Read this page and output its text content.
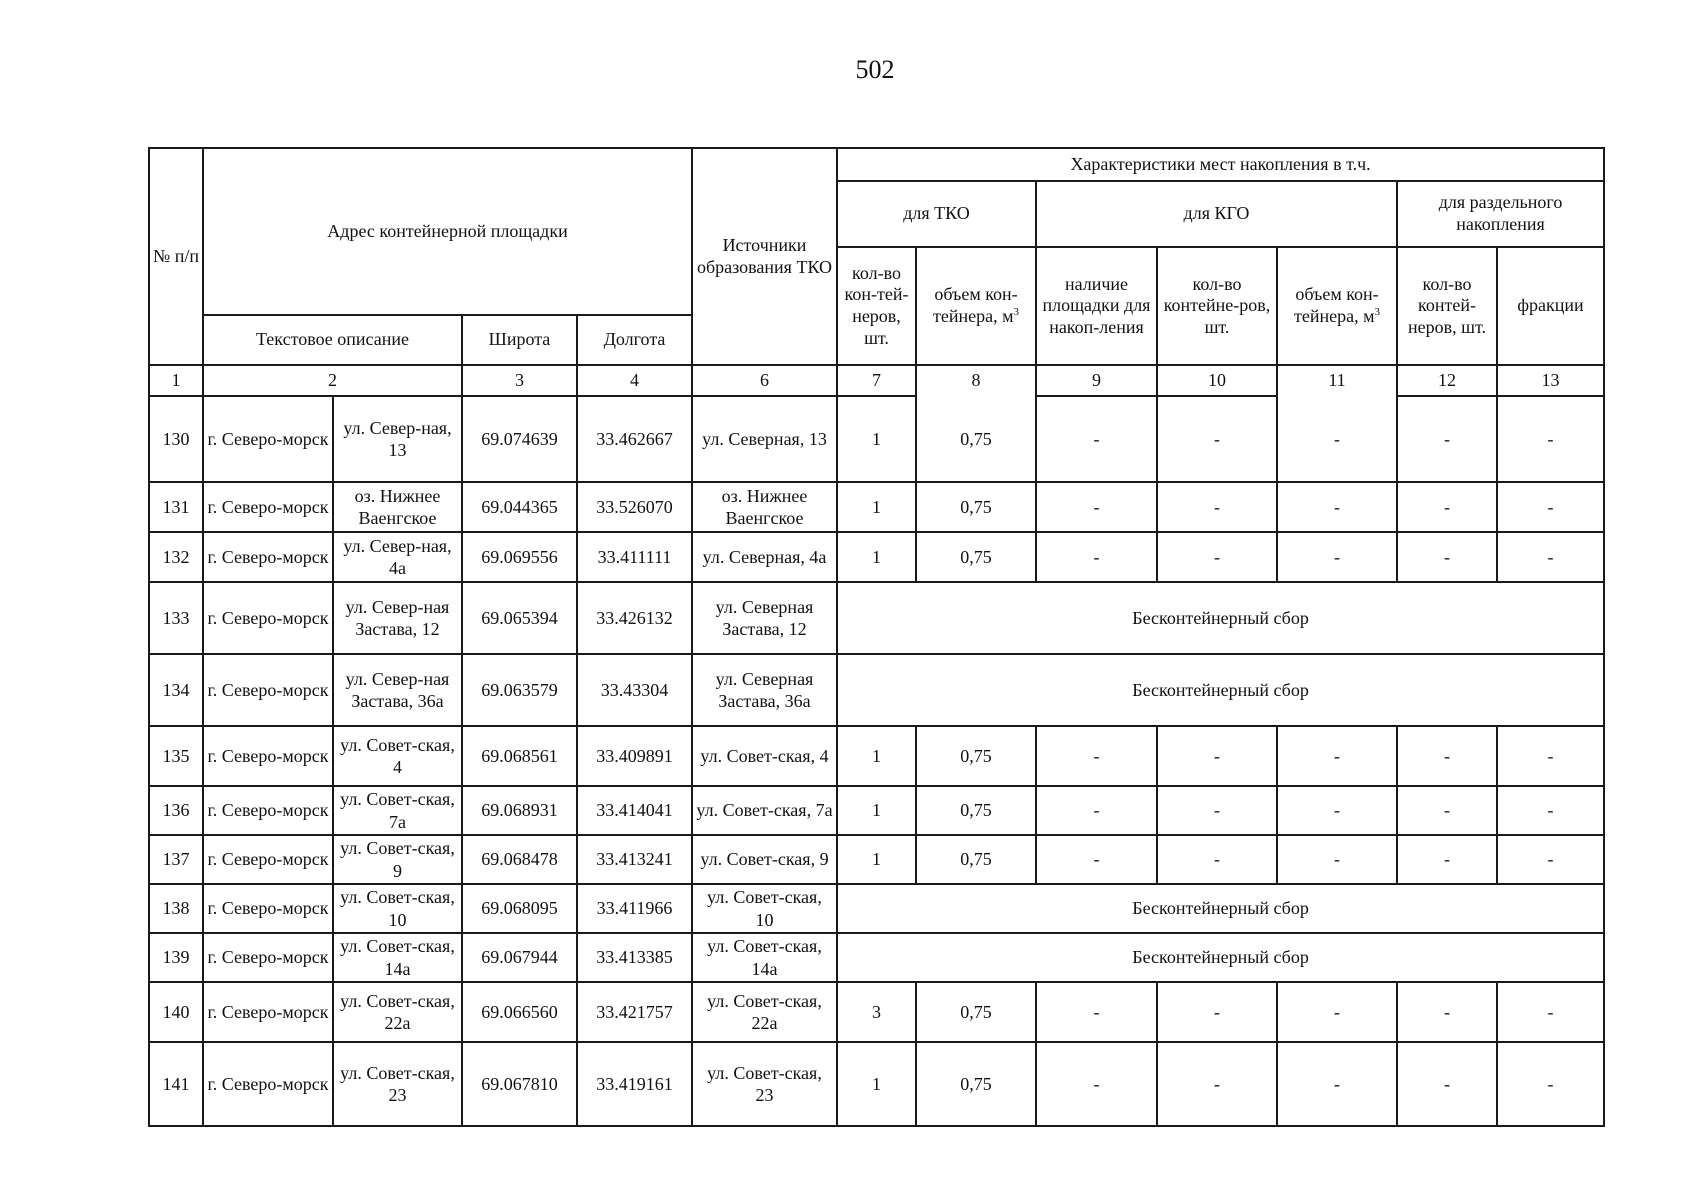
502
№ п/п	Адрес контейнерной площадки				Источники образования ТКО	Характеристики мест накопления в т.ч.						
						для ТКО		для КГО			для раздельного накопления	
						кол-во кон-тей-неров, шт.	объем кон-тейнера, $м^3$	наличие площадки для накоп-ления	кол-во контейне-ров, шт.	объем кон-тейнера, $м^3$	кол-во контей-неров, шт.	фракции
	Текстовое описание		Широта	Долгота								
1	2		3	4	6	7	8	9	10	11	12	13
130	г. Северо-морск	ул. Север-ная, 13	69.074639	33.462667	ул. Северная, 13	1	0,75	-	-	-	-	-
131	г. Северо-морск	оз. Нижнее Ваенгское	69.044365	33.526070	оз. Нижнее Ваенгское	1	0,75	-	-	-	-	-
132	г. Северо-морск	ул. Север-ная, 4а	69.069556	33.411111	ул. Северная, 4а	1	0,75	-	-	-	-	-
133	г. Северо-морск	ул. Север-ная Застава, 12	69.065394	33.426132	ул. Северная Застава, 12	Бесконтейнерный сбор						
134	г. Северо-морск	ул. Север-ная Застава, 36а	69.063579	33.43304	ул. Северная Застава, 36а	Бесконтейнерный сбор						
135	г. Северо-морск	ул. Совет-ская, 4	69.068561	33.409891	ул. Совет-ская, 4	1	0,75	-	-	-	-	-
136	г. Северо-морск	ул. Совет-ская, 7а	69.068931	33.414041	ул. Совет-ская, 7а	1	0,75	-	-	-	-	-
137	г. Северо-морск	ул. Совет-ская, 9	69.068478	33.413241	ул. Совет-ская, 9	1	0,75	-	-	-	-	-
138	г. Северо-морск	ул. Совет-ская, 10	69.068095	33.411966	ул. Совет-ская, 10	Бесконтейнерный сбор						
139	г. Северо-морск	ул. Совет-ская, 14а	69.067944	33.413385	ул. Совет-ская, 14а	Бесконтейнерный сбор						
140	г. Северо-морск	ул. Совет-ская, 22а	69.066560	33.421757	ул. Совет-ская, 22а	3	0,75	-	-	-	-	-
141	г. Северо-морск	ул. Совет-ская, 23	69.067810	33.419161	ул. Совет-ская, 23	1	0,75	-	-	-	-	-
